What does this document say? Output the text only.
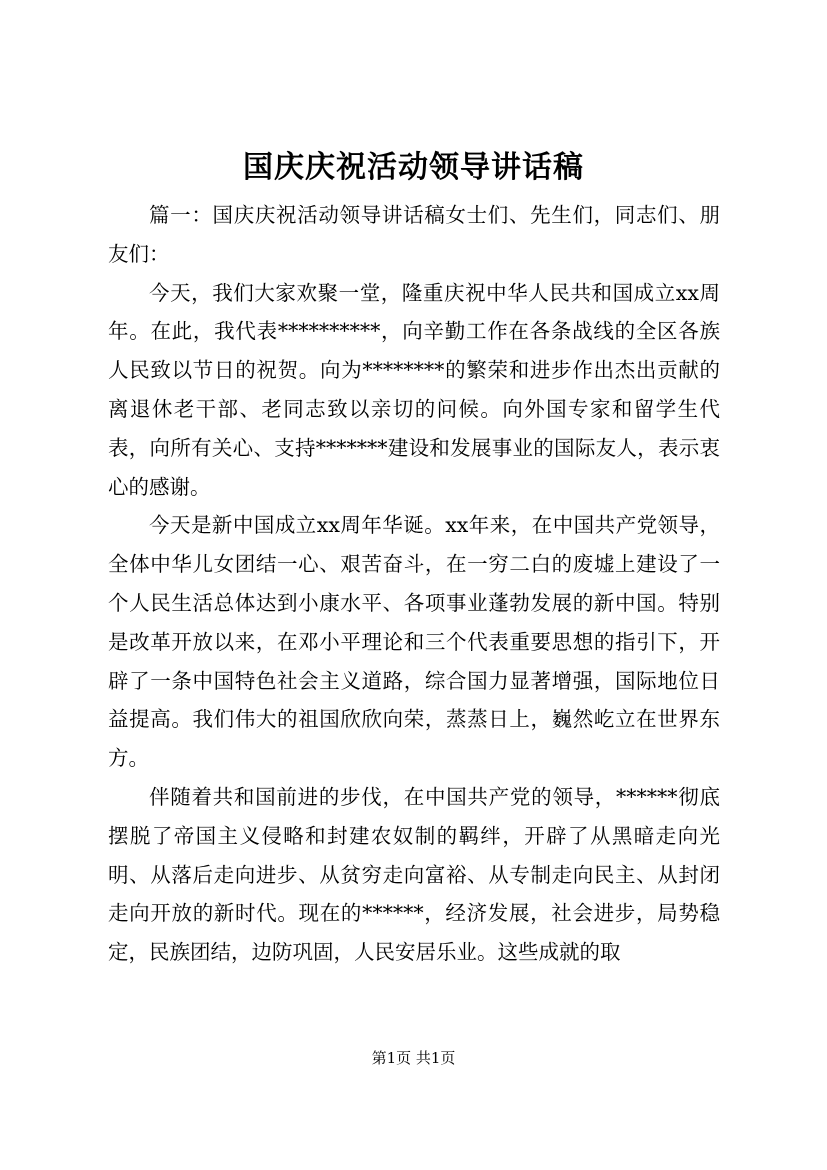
国庆庆祝活动领导讲话稿

篇一：国庆庆祝活动领导讲话稿女士们、先生们，同志们、朋友们：

今天，我们大家欢聚一堂，隆重庆祝中华人民共和国成立xx周年。在此，我代表**********，向辛勤工作在各条战线的全区各族人民致以节日的祝贺。向为********的繁荣和进步作出杰出贡献的离退休老干部、老同志致以亲切的问候。向外国专家和留学生代表，向所有关心、支持*******建设和发展事业的国际友人，表示衷心的感谢。

今天是新中国成立xx周年华诞。xx年来，在中国共产党领导，全体中华儿女团结一心、艰苦奋斗，在一穷二白的废墟上建设了一个人民生活总体达到小康水平、各项事业蓬勃发展的新中国。特别是改革开放以来，在邓小平理论和三个代表重要思想的指引下，开辟了一条中国特色社会主义道路，综合国力显著增强，国际地位日益提高。我们伟大的祖国欣欣向荣，蒸蒸日上，巍然屹立在世界东方。

伴随着共和国前进的步伐，在中国共产党的领导，******彻底摆脱了帝国主义侵略和封建农奴制的羁绊，开辟了从黑暗走向光明、从落后走向进步、从贫穷走向富裕、从专制走向民主、从封闭走向开放的新时代。现在的******，经济发展，社会进步，局势稳定，民族团结，边防巩固，人民安居乐业。这些成就的取

第1页 共1页
